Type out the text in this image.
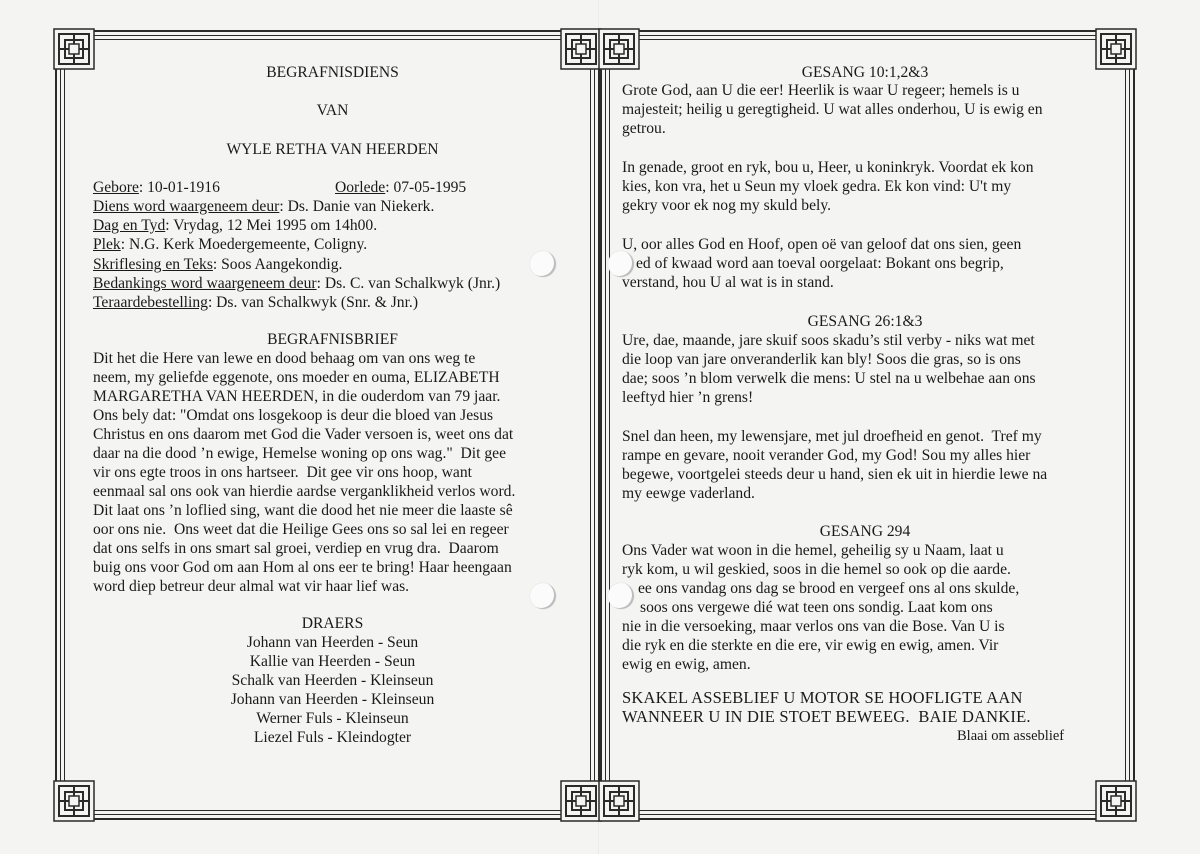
BEGRAFNISDIENS
VAN
WYLE RETHA VAN HEERDEN
Gebore: 10-01-1916	Oorlede: 07-05-1995
Diens word waargeneem deur: Ds. Danie van Niekerk.
Dag en Tyd: Vrydag, 12 Mei 1995 om 14h00.
Plek: N.G. Kerk Moedergemeente, Coligny.
Skriflesing en Teks: Soos Aangekondig.
Bedankings word waargeneem deur: Ds. C. van Schalkwyk (Jnr.)
Teraardebestelling: Ds. van Schalkwyk (Snr. & Jnr.)
BEGRAFNISBRIEF
Dit het die Here van lewe en dood behaag om van ons weg te
neem, my geliefde eggenote, ons moeder en ouma, ELIZABETH
MARGARETHA VAN HEERDEN, in die ouderdom van 79 jaar.
Ons bely dat: "Omdat ons losgekoop is deur die bloed van Jesus
Christus en ons daarom met God die Vader versoen is, weet ons dat
daar na die dood ’n ewige, Hemelse woning op ons wag."  Dit gee
vir ons egte troos in ons hartseer.  Dit gee vir ons hoop, want
eenmaal sal ons ook van hierdie aardse verganklikheid verlos word.
Dit laat ons ’n loflied sing, want die dood het nie meer die laaste sê
oor ons nie.  Ons weet dat die Heilige Gees ons so sal lei en regeer
dat ons selfs in ons smart sal groei, verdiep en vrug dra.  Daarom
buig ons voor God om aan Hom al ons eer te bring! Haar heengaan
word diep betreur deur almal wat vir haar lief was.
DRAERS
Johann van Heerden - Seun
Kallie van Heerden - Seun
Schalk van Heerden - Kleinseun
Johann van Heerden - Kleinseun
Werner Fuls - Kleinseun
Liezel Fuls - Kleindogter
GESANG 10:1,2&3
Grote God, aan U die eer! Heerlik is waar U regeer; hemels is u
majesteit; heilig u geregtigheid. U wat alles onderhou, U is ewig en
getrou.
In genade, groot en ryk, bou u, Heer, u koninkryk. Voordat ek kon
kies, kon vra, het u Seun my vloek gedra. Ek kon vind: U't my
gekry voor ek nog my skuld bely.
U, oor alles God en Hoof, open oë van geloof dat ons sien, geen
ed of kwaad word aan toeval oorgelaat: Bokant ons begrip,
verstand, hou U al wat is in stand.
GESANG 26:1&3
Ure, dae, maande, jare skuif soos skadu’s stil verby - niks wat met
die loop van jare onveranderlik kan bly! Soos die gras, so is ons
dae; soos ’n blom verwelk die mens: U stel na u welbehae aan ons
leeftyd hier ’n grens!
Snel dan heen, my lewensjare, met jul droefheid en genot.  Tref my
rampe en gevare, nooit verander God, my God! Sou my alles hier
begewe, voortgelei steeds deur u hand, sien ek uit in hierdie lewe na
my eewge vaderland.
GESANG 294
Ons Vader wat woon in die hemel, geheilig sy u Naam, laat u
ryk kom, u wil geskied, soos in die hemel so ook op die aarde.
ee ons vandag ons dag se brood en vergeef ons al ons skulde,
soos ons vergewe dié wat teen ons sondig. Laat kom ons
nie in die versoeking, maar verlos ons van die Bose. Van U is
die ryk en die sterkte en die ere, vir ewig en ewig, amen. Vir
ewig en ewig, amen.
SKAKEL ASSEBLIEF U MOTOR SE HOOFLIGTE AAN
WANNEER U IN DIE STOET BEWEEG.  BAIE DANKIE.
Blaai om asseblief
